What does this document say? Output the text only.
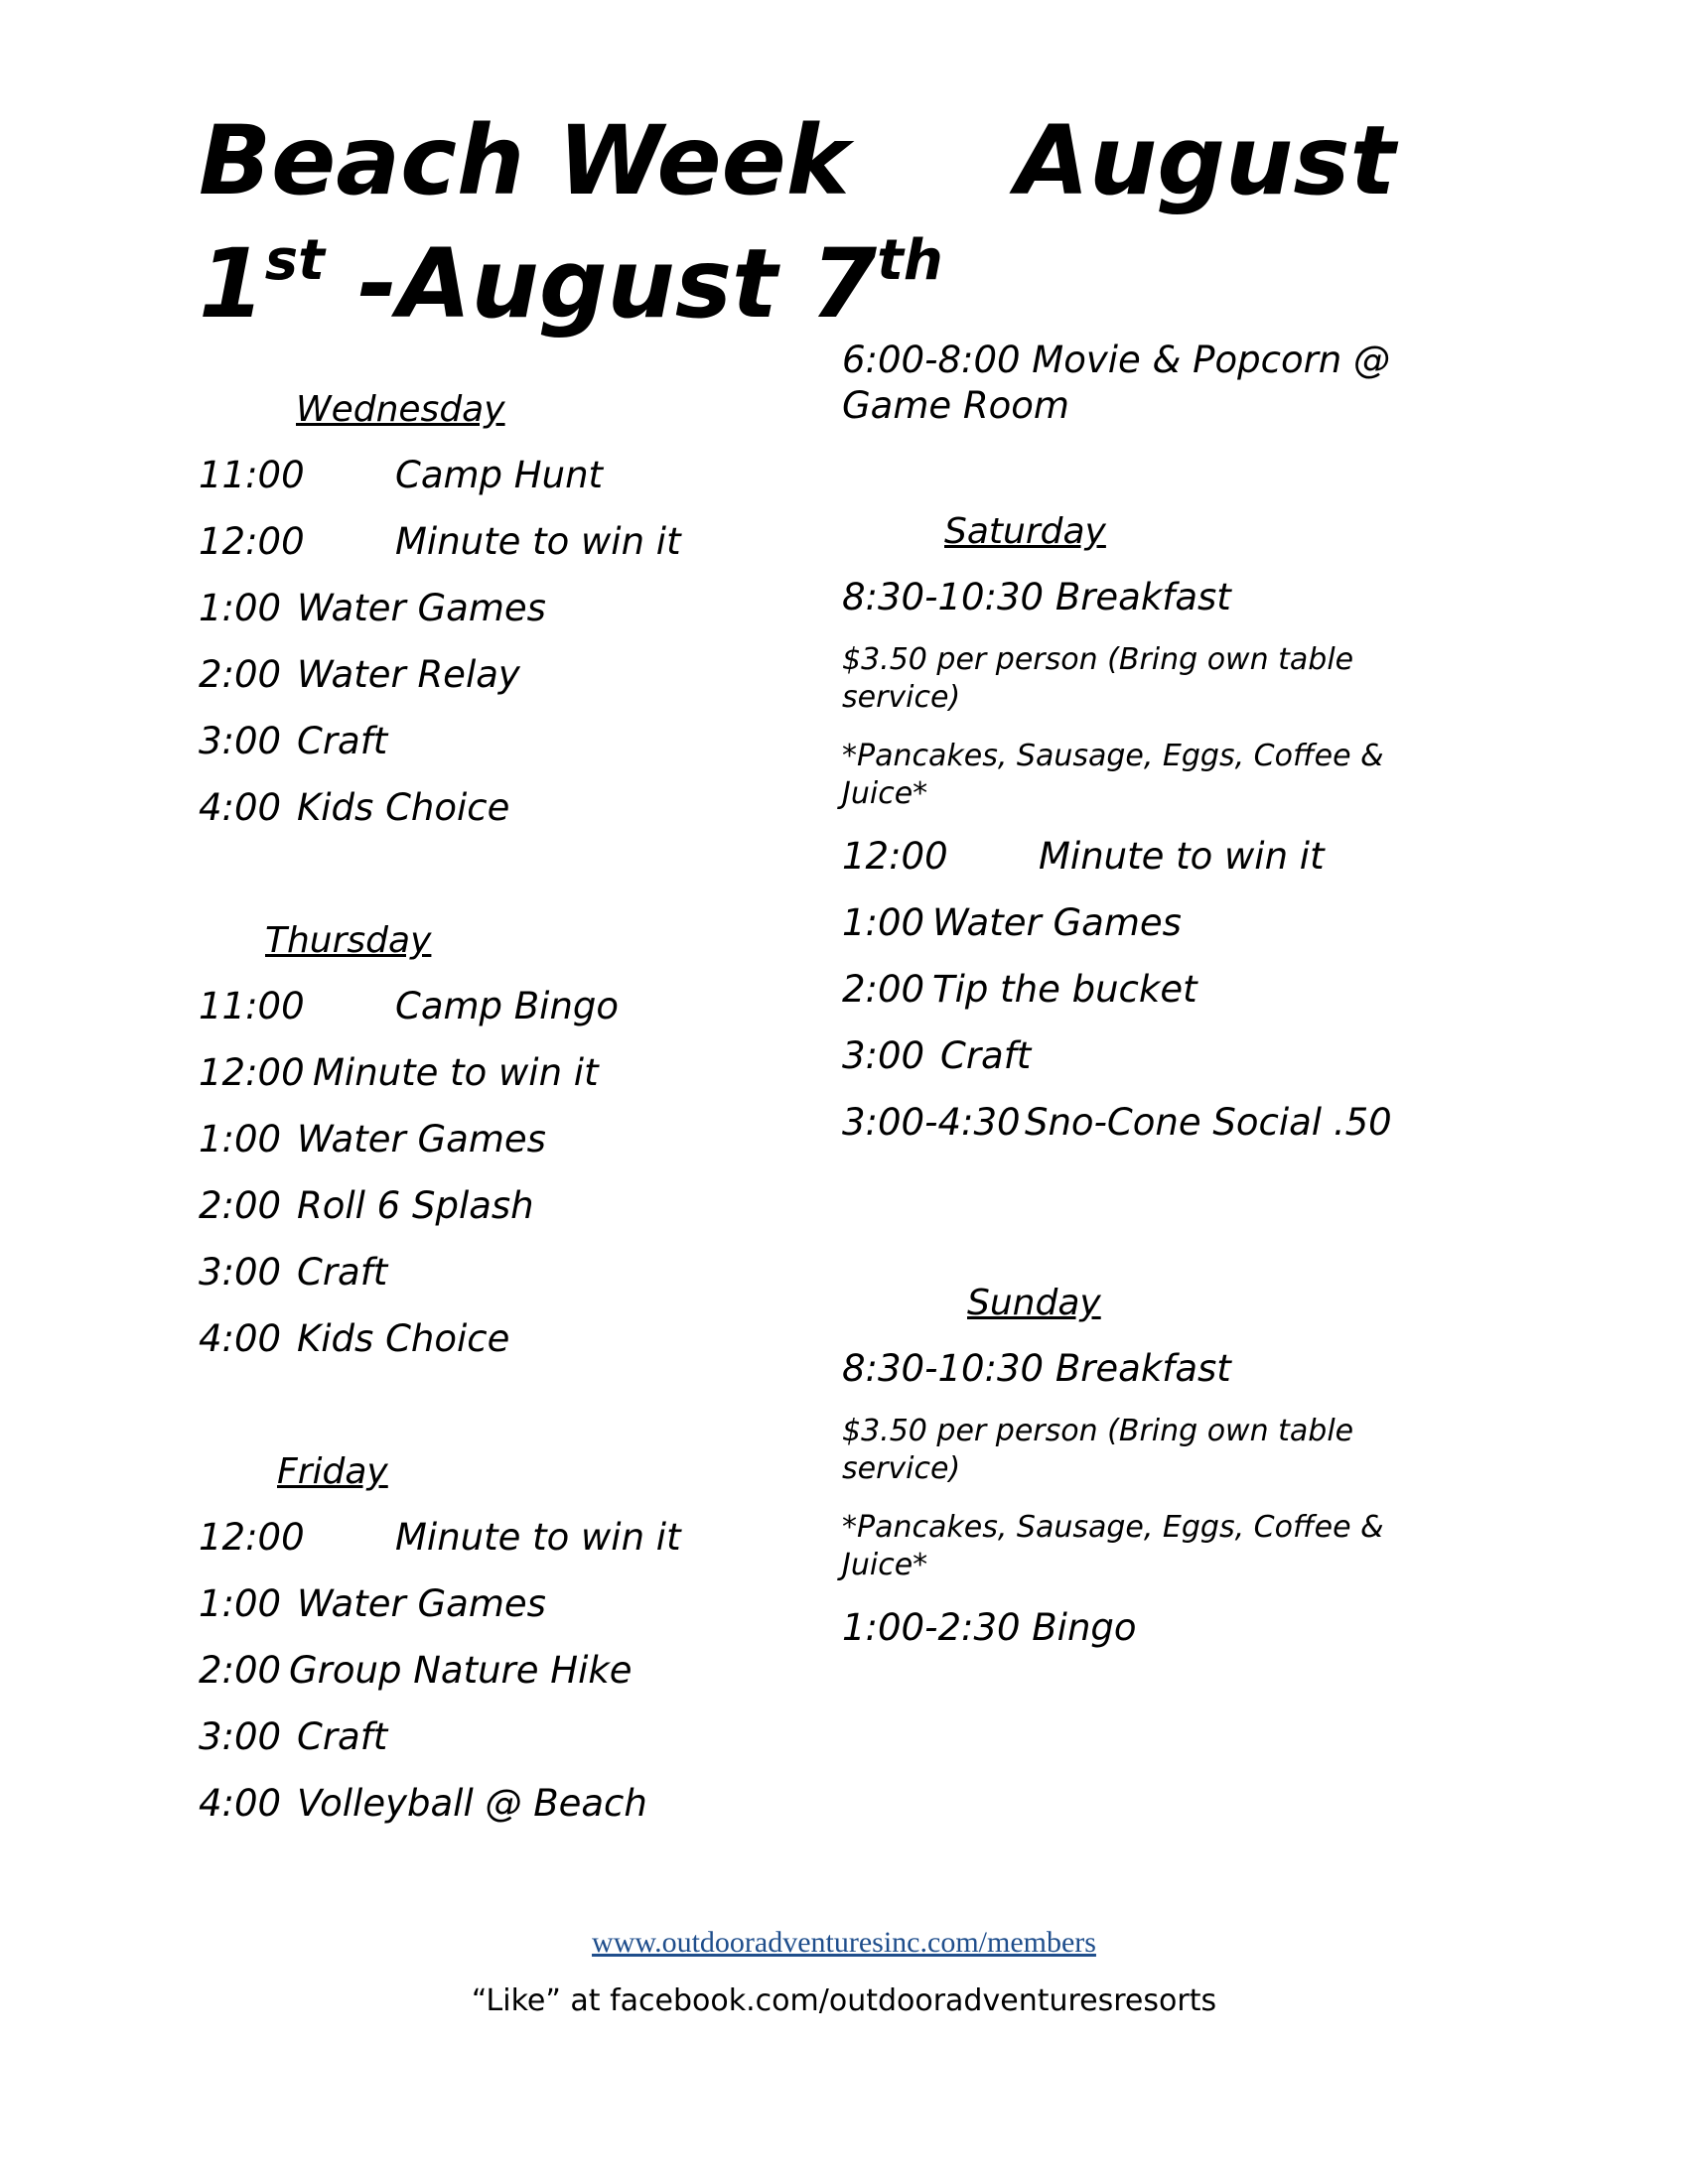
Beach Week August
1st -August 7th
Wednesday
11:00 Camp Hunt
12:00 Minute to win it
1:00 Water Games
2:00 Water Relay
3:00 Craft
4:00 Kids Choice
Thursday
11:00 Camp Bingo
12:00 Minute to win it
1:00 Water Games
2:00 Roll 6 Splash
3:00 Craft
4:00 Kids Choice
Friday
12:00 Minute to win it
1:00 Water Games
2:00 Group Nature Hike
3:00 Craft
4:00 Volleyball @ Beach
6:00-8:00 Movie & Popcorn @ Game Room
Saturday
8:30-10:30 Breakfast
$3.50 per person (Bring own table service)
*Pancakes, Sausage, Eggs, Coffee & Juice*
12:00 Minute to win it
1:00 Water Games
2:00 Tip the bucket
3:00 Craft
3:00-4:30 Sno-Cone Social .50
Sunday
8:30-10:30 Breakfast
$3.50 per person (Bring own table service)
*Pancakes, Sausage, Eggs, Coffee & Juice*
1:00-2:30 Bingo
www.outdooradventuresinc.com/members
“Like” at facebook.com/outdooradventuresresorts
